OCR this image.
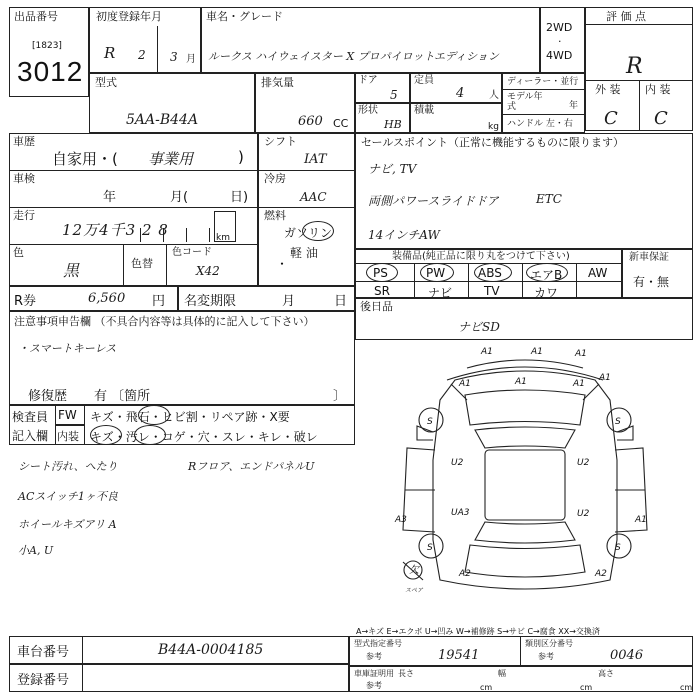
出品番号
[1823]
3012
初度登録年月
R 2 3 月
車名・グレード
ルークス ハイウェイスター X プロパイロットエディション
2WD
·
4WD
評 価 点
R
外 装 内 装
C C
型式
5AA-B44A
排気量
660 CC
ドア
5
定員
4 人
形状
HB
積載
kg
ディーラー・並行
モデル年式	年
ハンドル 左・右
車歴
自家用・( 事業用	)
車検
年	月(	日)
走行
12万4千3 2 8	km
色
黒	色替
色コード
X42
シフト
IAT
冷房
AAC
燃料
ガソリン
軽 油
・
R券	6,560 円 名変期限	月	日
注意事項申告欄 （不具合内容等は具体的に記入して下さい）
・スマートキーレス
修復歴 有 〔箇所	〕
検査員
記入欄
FW キズ・飛石・ヒビ割・リペア跡・X要
内装 キズ・汚レ・コゲ・穴・スレ・キレ・破レ
シート汚れ、へたり
ACスイッチ1ヶ不良
ホイールキズアリ A
小A, U
Rフロア、エンドパネルU
セールスポイント（正常に機能するものに限ります）
ナビ, TV
両側パワースライドドア	ETC
14インチAW
装備品(純正品に限り丸をつけて下さい)
PS	PW	ABS エアB AW
SR	ナビ	TV	カワ
新車保証
有・無
後日品
ナビSD
A1	A1	A1
A1	A1	A1
A1
U2	U2
UA3
A3	A1
U2
A2	A2
S	S
S	S
欠
スペア
A→キズ E→エクボ U→凹み W→補修跡 S→サビ C→腐食 XX→交換済
車台番号	B44A-0004185
登録番号
型式指定番号
参考	19541
類別区分番号
参考	0046
車庫証明用
参考
長さ
cm
幅
cm
高さ
cm
